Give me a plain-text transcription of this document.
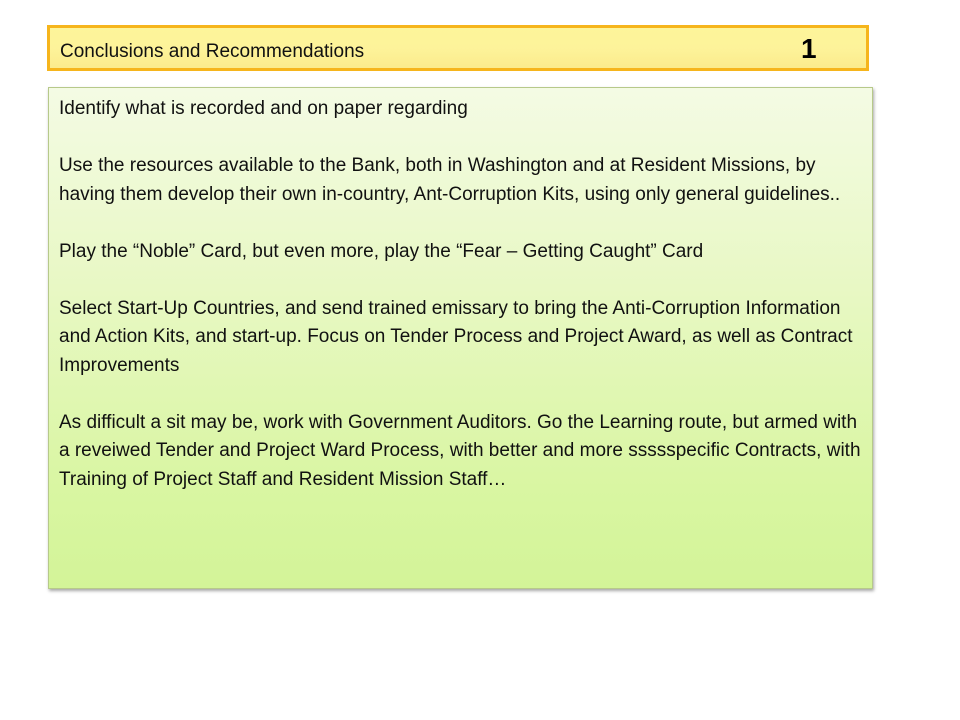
Conclusions and Recommendations	1

Identify what is recorded and on paper regarding

Use the resources available to the Bank, both in Washington and at Resident Missions, by having them develop their own in-country, Ant-Corruption Kits, using only general guidelines..

Play the “Noble” Card, but even more, play the “Fear – Getting Caught” Card

Select Start-Up Countries, and send trained emissary to bring the Anti-Corruption Information and Action Kits, and start-up. Focus on Tender Process and Project Award, as well as Contract Improvements

As difficult a sit may be, work with Government Auditors. Go the Learning route, but armed with a reveiwed Tender and Project Ward Process, with better and more ssssspecific Contracts, with Training of Project Staff and Resident Mission Staff…
